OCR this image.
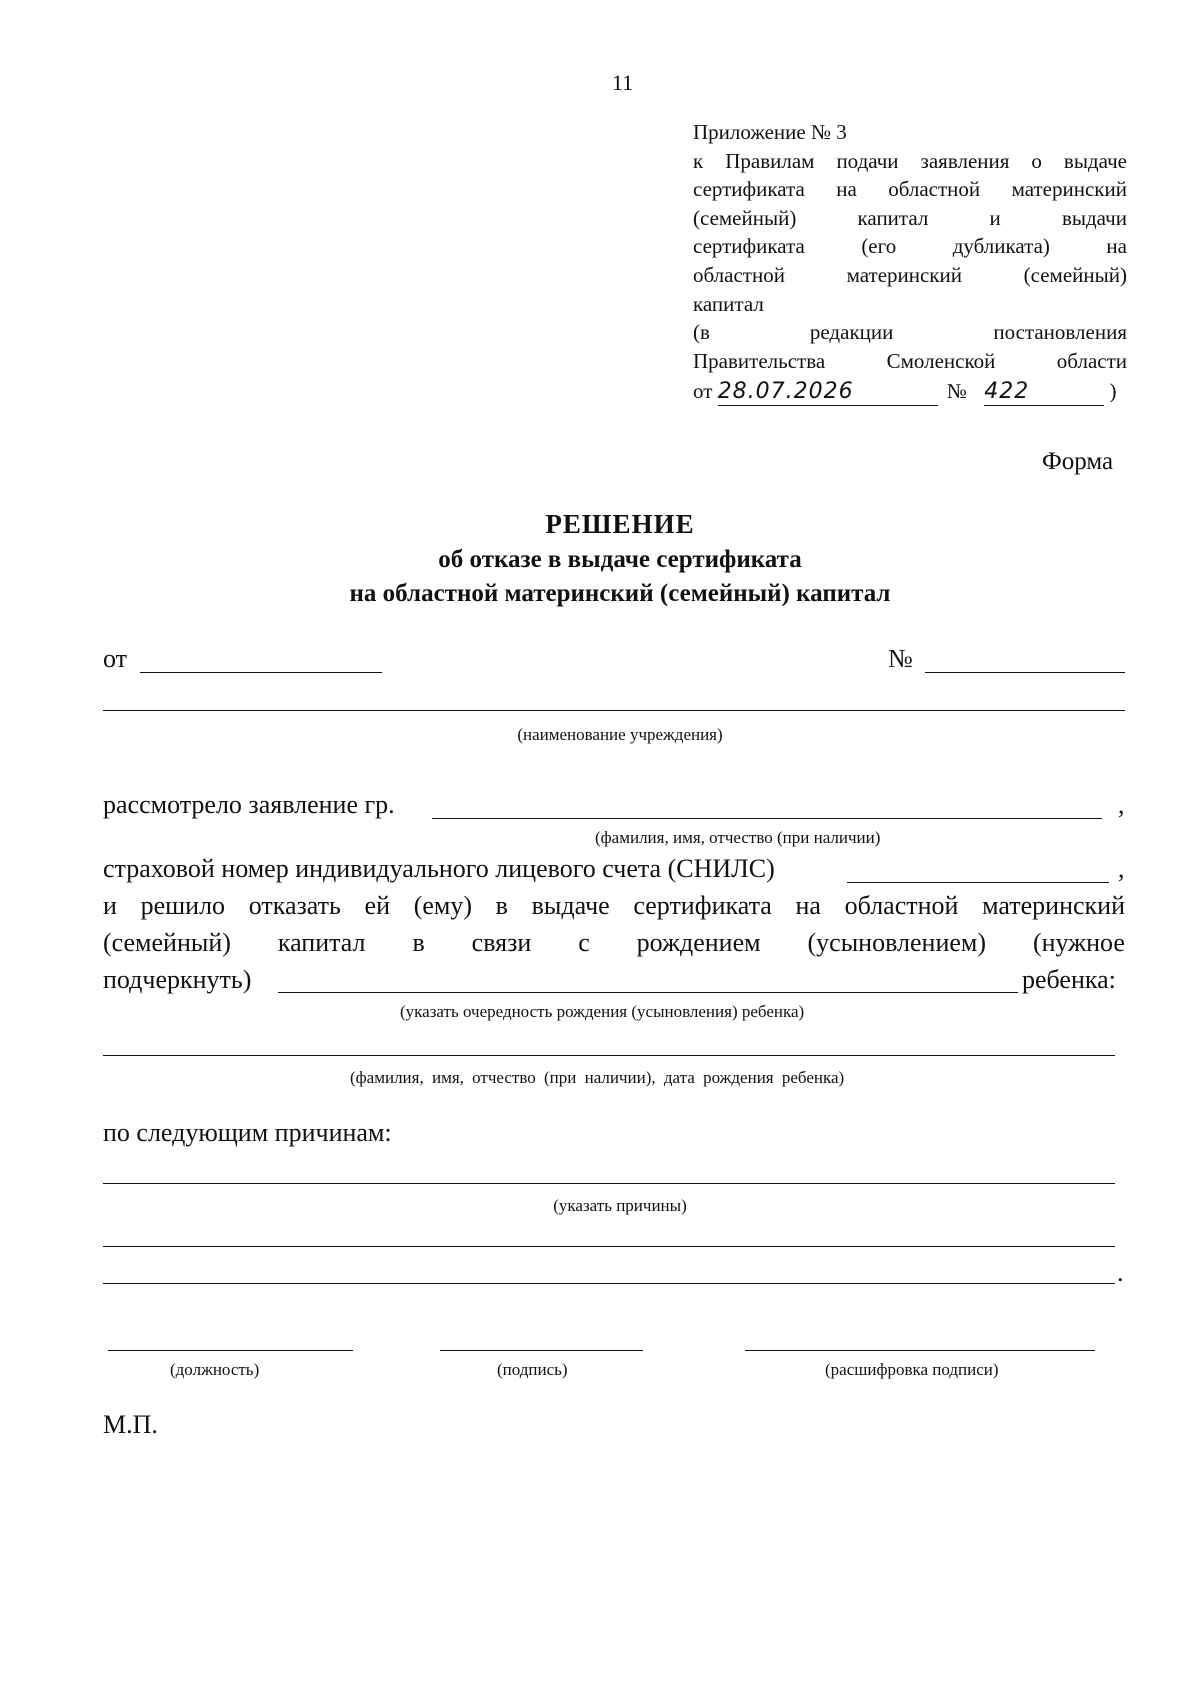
11
Приложение № 3
к Правилам подачи заявления о выдаче
сертификата на областной материнский
(семейный)	капитал	и	выдачи
сертификата	(его	дубликата)	на
областной	материнский	(семейный)
капитал
(в	редакции	постановления
Правительства	Смоленской	области
от 28.07.2026	№ 422	)
Форма
РЕШЕНИЕ
об отказе в выдаче сертификата
на областной материнский (семейный) капитал
от	№
(наименование учреждения)
рассмотрело заявление гр.	,
(фамилия, имя, отчество (при наличии)
страховой номер индивидуального лицевого счета (СНИЛС)	,
и решило отказать ей (ему) в выдаче сертификата на областной материнский
(семейный) капитал в связи с рождением (усыновлением) (нужное
подчеркнуть)	ребенка:
(указать очередность рождения (усыновления) ребенка)
(фамилия, имя, отчество (при наличии), дата рождения ребенка)
по следующим причинам:
(указать причины)
.
(должность)	(подпись)	(расшифровка подписи)
М.П.
